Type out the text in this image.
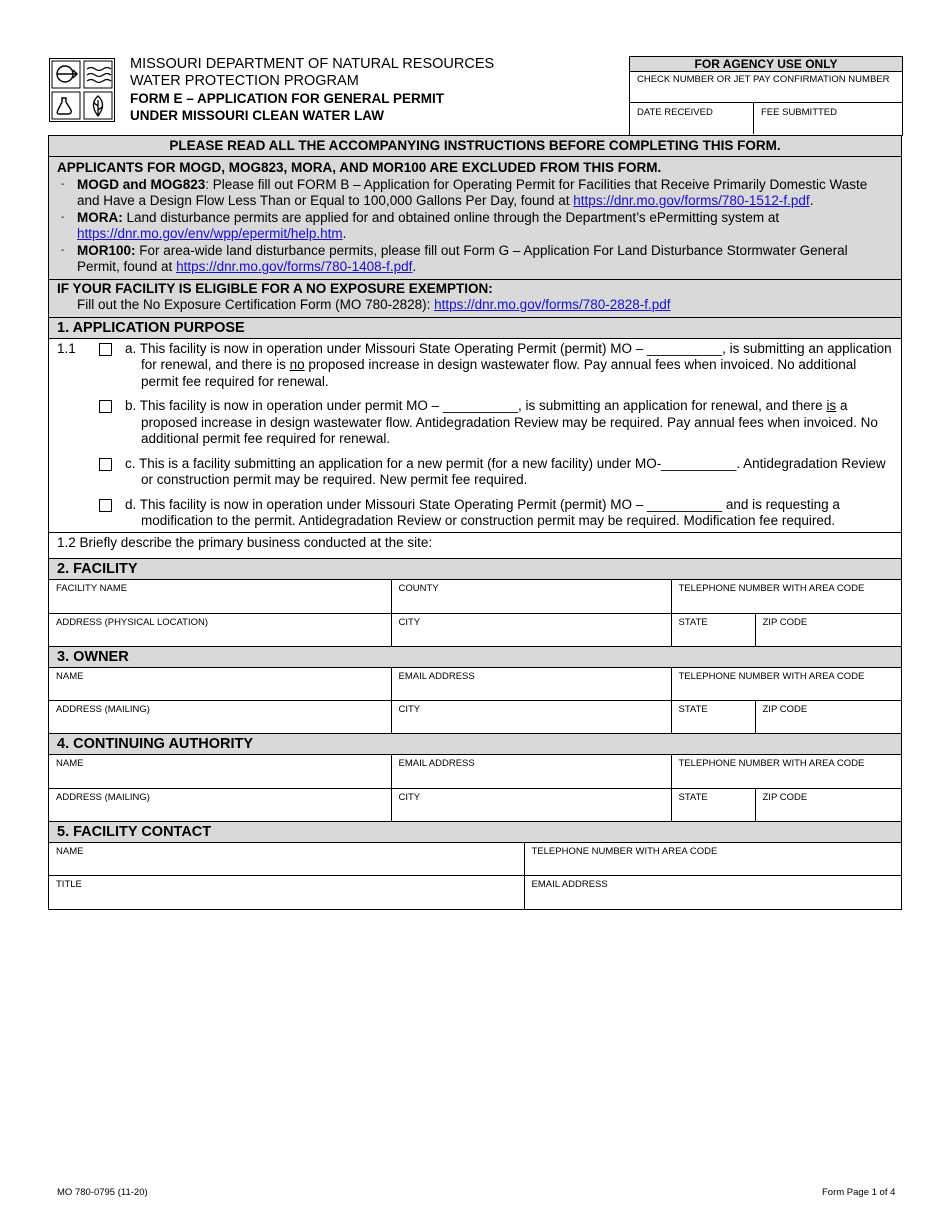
MISSOURI DEPARTMENT OF NATURAL RESOURCES
WATER PROTECTION PROGRAM
FORM E – APPLICATION FOR GENERAL PERMIT
UNDER MISSOURI CLEAN WATER LAW
FOR AGENCY USE ONLY
CHECK NUMBER OR JET PAY CONFIRMATION NUMBER
DATE RECEIVED	FEE SUBMITTED
PLEASE READ ALL THE ACCOMPANYING INSTRUCTIONS BEFORE COMPLETING THIS FORM.
APPLICANTS FOR MOGD, MOG823, MORA, AND MOR100 ARE EXCLUDED FROM THIS FORM.
- MOGD and MOG823: Please fill out FORM B – Application for Operating Permit for Facilities that Receive Primarily Domestic Waste and Have a Design Flow Less Than or Equal to 100,000 Gallons Per Day, found at https://dnr.mo.gov/forms/780-1512-f.pdf.
- MORA: Land disturbance permits are applied for and obtained online through the Department’s ePermitting system at https://dnr.mo.gov/env/wpp/epermit/help.htm.
- MOR100: For area-wide land disturbance permits, please fill out Form G – Application For Land Disturbance Stormwater General Permit, found at https://dnr.mo.gov/forms/780-1408-f.pdf.
IF YOUR FACILITY IS ELIGIBLE FOR A NO EXPOSURE EXEMPTION:
Fill out the No Exposure Certification Form (MO 780-2828): https://dnr.mo.gov/forms/780-2828-f.pdf
1. APPLICATION PURPOSE
1.1	a. This facility is now in operation under Missouri State Operating Permit (permit) MO – __________, is submitting an application for renewal, and there is no proposed increase in design wastewater flow. Pay annual fees when invoiced. No additional permit fee required for renewal.
b. This facility is now in operation under permit MO – __________, is submitting an application for renewal, and there is a proposed increase in design wastewater flow. Antidegradation Review may be required. Pay annual fees when invoiced. No additional permit fee required for renewal.
c. This is a facility submitting an application for a new permit (for a new facility) under MO-__________. Antidegradation Review or construction permit may be required. New permit fee required.
d. This facility is now in operation under Missouri State Operating Permit (permit) MO – __________ and is requesting a modification to the permit. Antidegradation Review or construction permit may be required. Modification fee required.
1.2 Briefly describe the primary business conducted at the site:
2. FACILITY
FACILITY NAME	COUNTY	TELEPHONE NUMBER WITH AREA CODE	
ADDRESS (PHYSICAL LOCATION)	CITY	STATE	ZIP CODE
3. OWNER
NAME	EMAIL ADDRESS	TELEPHONE NUMBER WITH AREA CODE	
ADDRESS (MAILING)	CITY	STATE	ZIP CODE
4. CONTINUING AUTHORITY
NAME	EMAIL ADDRESS	TELEPHONE NUMBER WITH AREA CODE	
ADDRESS (MAILING)	CITY	STATE	ZIP CODE
5. FACILITY CONTACT
NAME	TELEPHONE NUMBER WITH AREA CODE
TITLE	EMAIL ADDRESS
MO 780-0795 (11-20)	Form Page 1 of 4
